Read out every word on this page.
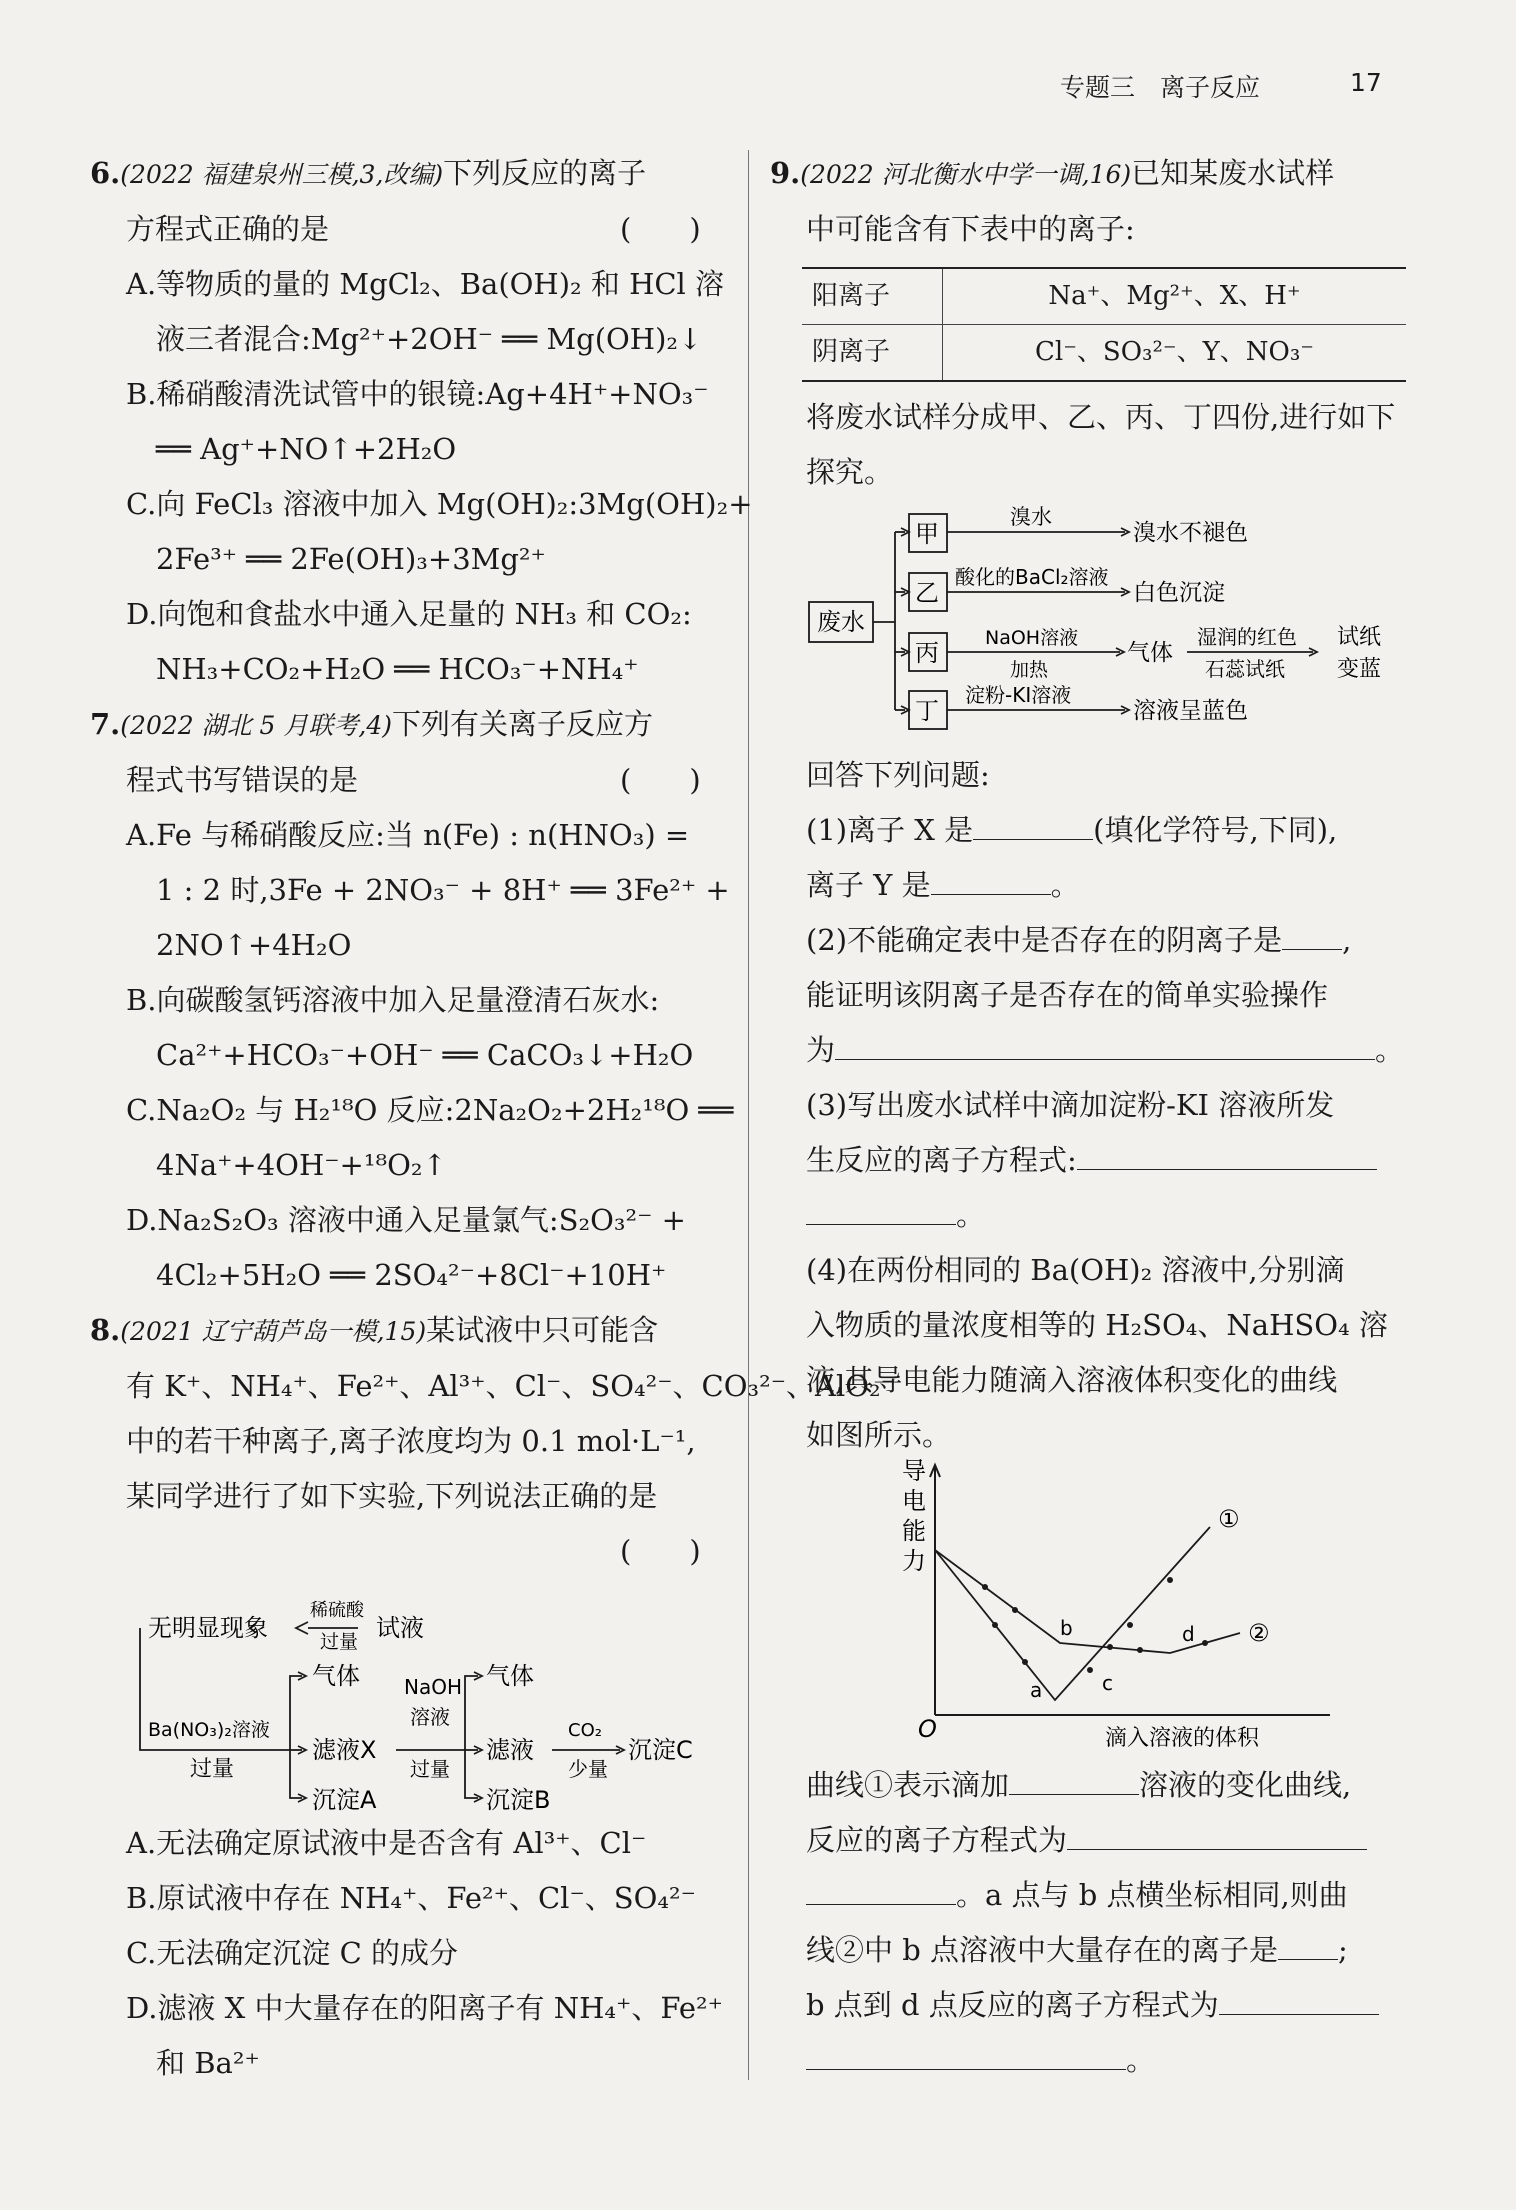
专题三　离子反应	17

6.(2022 福建泉州三模,3,改编)下列反应的离子

方程式正确的是	(　　)

A.等物质的量的 MgCl₂、Ba(OH)₂ 和 HCl 溶

液三者混合:Mg²⁺+2OH⁻ ══ Mg(OH)₂↓

B.稀硝酸清洗试管中的银镜:Ag+4H⁺+NO₃⁻

══ Ag⁺+NO↑+2H₂O

C.向 FeCl₃ 溶液中加入 Mg(OH)₂:3Mg(OH)₂+

2Fe³⁺ ══ 2Fe(OH)₃+3Mg²⁺

D.向饱和食盐水中通入足量的 NH₃ 和 CO₂:

NH₃+CO₂+H₂O ══ HCO₃⁻+NH₄⁺

7.(2022 湖北 5 月联考,4)下列有关离子反应方

程式书写错误的是	(　　)

A.Fe 与稀硝酸反应:当 n(Fe) : n(HNO₃) =

1 : 2 时,3Fe + 2NO₃⁻ + 8H⁺ ══ 3Fe²⁺ +

2NO↑+4H₂O

B.向碳酸氢钙溶液中加入足量澄清石灰水:

Ca²⁺+HCO₃⁻+OH⁻ ══ CaCO₃↓+H₂O

C.Na₂O₂ 与 H₂¹⁸O 反应:2Na₂O₂+2H₂¹⁸O ══

4Na⁺+4OH⁻+¹⁸O₂↑

D.Na₂S₂O₃ 溶液中通入足量氯气:S₂O₃²⁻ +

4Cl₂+5H₂O ══ 2SO₄²⁻+8Cl⁻+10H⁺

8.(2021 辽宁葫芦岛一模,15)某试液中只可能含

有 K⁺、NH₄⁺、Fe²⁺、Al³⁺、Cl⁻、SO₄²⁻、CO₃²⁻、AlO₂⁻

中的若干种离子,离子浓度均为 0.1 mol·L⁻¹,

某同学进行了如下实验,下列说法正确的是

(　　)

无明显现象
稀硫酸
过量 试液
Ba(NO₃)₂溶液
过量
气体
滤液X
沉淀A
NaOH
溶液
过量
气体
滤液
沉淀B
CO₂
少量
沉淀C

A.无法确定原试液中是否含有 Al³⁺、Cl⁻

B.原试液中存在 NH₄⁺、Fe²⁺、Cl⁻、SO₄²⁻

C.无法确定沉淀 C 的成分

D.滤液 X 中大量存在的阳离子有 NH₄⁺、Fe²⁺

和 Ba²⁺

9.(2022 河北衡水中学一调,16)已知某废水试样

中可能含有下表中的离子:

阳离子	Na⁺、Mg²⁺、X、H⁺
阴离子	Cl⁻、SO₃²⁻、Y、NO₃⁻

将废水试样分成甲、乙、丙、丁四份,进行如下

探究。

废水
甲
乙
丙
丁
溴水
溴水不褪色
酸化的BaCl₂溶液
白色沉淀
NaOH溶液
加热
气体
湿润的红色
石蕊试纸
试纸
变蓝
淀粉-KI溶液
溶液呈蓝色

回答下列问题:

(1)离子 X 是	(填化学符号,下同),

离子 Y 是	。

(2)不能确定表中是否存在的阴离子是 ,

能证明该阴离子是否存在的简单实验操作

为	。

(3)写出废水试样中滴加淀粉-KI 溶液所发

生反应的离子方程式:

。

(4)在两份相同的 Ba(OH)₂ 溶液中,分别滴

入物质的量浓度相等的 H₂SO₄、NaHSO₄ 溶

液,其导电能力随滴入溶液体积变化的曲线

如图所示。

导
电
能
力
O	滴入溶液的体积
①
②
a
b
c
d

曲线①表示滴加	溶液的变化曲线,

反应的离子方程式为

。a 点与 b 点横坐标相同,则曲

线②中 b 点溶液中大量存在的离子是 ;

b 点到 d 点反应的离子方程式为

。
